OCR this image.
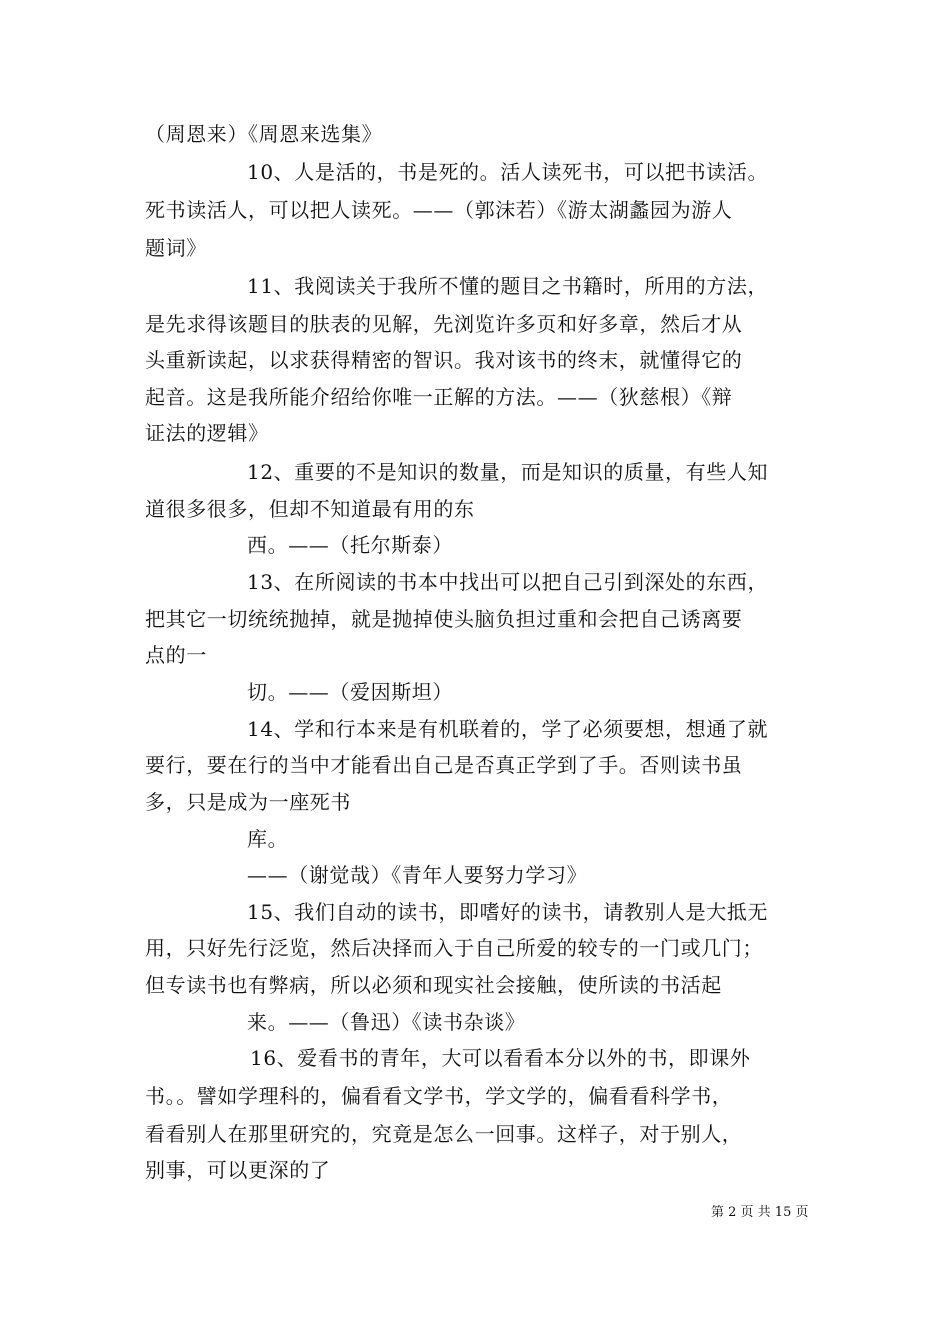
（周恩来）《周恩来选集》
10、人是活的，书是死的。活人读死书，可以把书读活。
死书读活人，可以把人读死。——（郭沫若）《游太湖蠡园为游人
题词》
11、我阅读关于我所不懂的题目之书籍时，所用的方法，
是先求得该题目的肤表的见解，先浏览许多页和好多章，然后才从
头重新读起，以求获得精密的智识。我对该书的终末，就懂得它的
起音。这是我所能介绍给你唯一正解的方法。——（狄慈根）《辩
证法的逻辑》
12、重要的不是知识的数量，而是知识的质量，有些人知
道很多很多，但却不知道最有用的东
西。——（托尔斯泰）
13、在所阅读的书本中找出可以把自己引到深处的东西，
把其它一切统统抛掉，就是抛掉使头脑负担过重和会把自己诱离要
点的一
切。——（爱因斯坦）
14、学和行本来是有机联着的，学了必须要想，想通了就
要行，要在行的当中才能看出自己是否真正学到了手。否则读书虽
多，只是成为一座死书
库。
——（谢觉哉）《青年人要努力学习》
15、我们自动的读书，即嗜好的读书，请教别人是大抵无
用，只好先行泛览，然后决择而入于自己所爱的较专的一门或几门；
但专读书也有弊病，所以必须和现实社会接触，使所读的书活起
来。——（鲁迅）《读书杂谈》
16、爱看书的青年，大可以看看本分以外的书，即课外
书。。譬如学理科的，偏看看文学书，学文学的，偏看看科学书，
看看别人在那里研究的，究竟是怎么一回事。这样子，对于别人，
别事，可以更深的了
第 2 页 共 15 页
